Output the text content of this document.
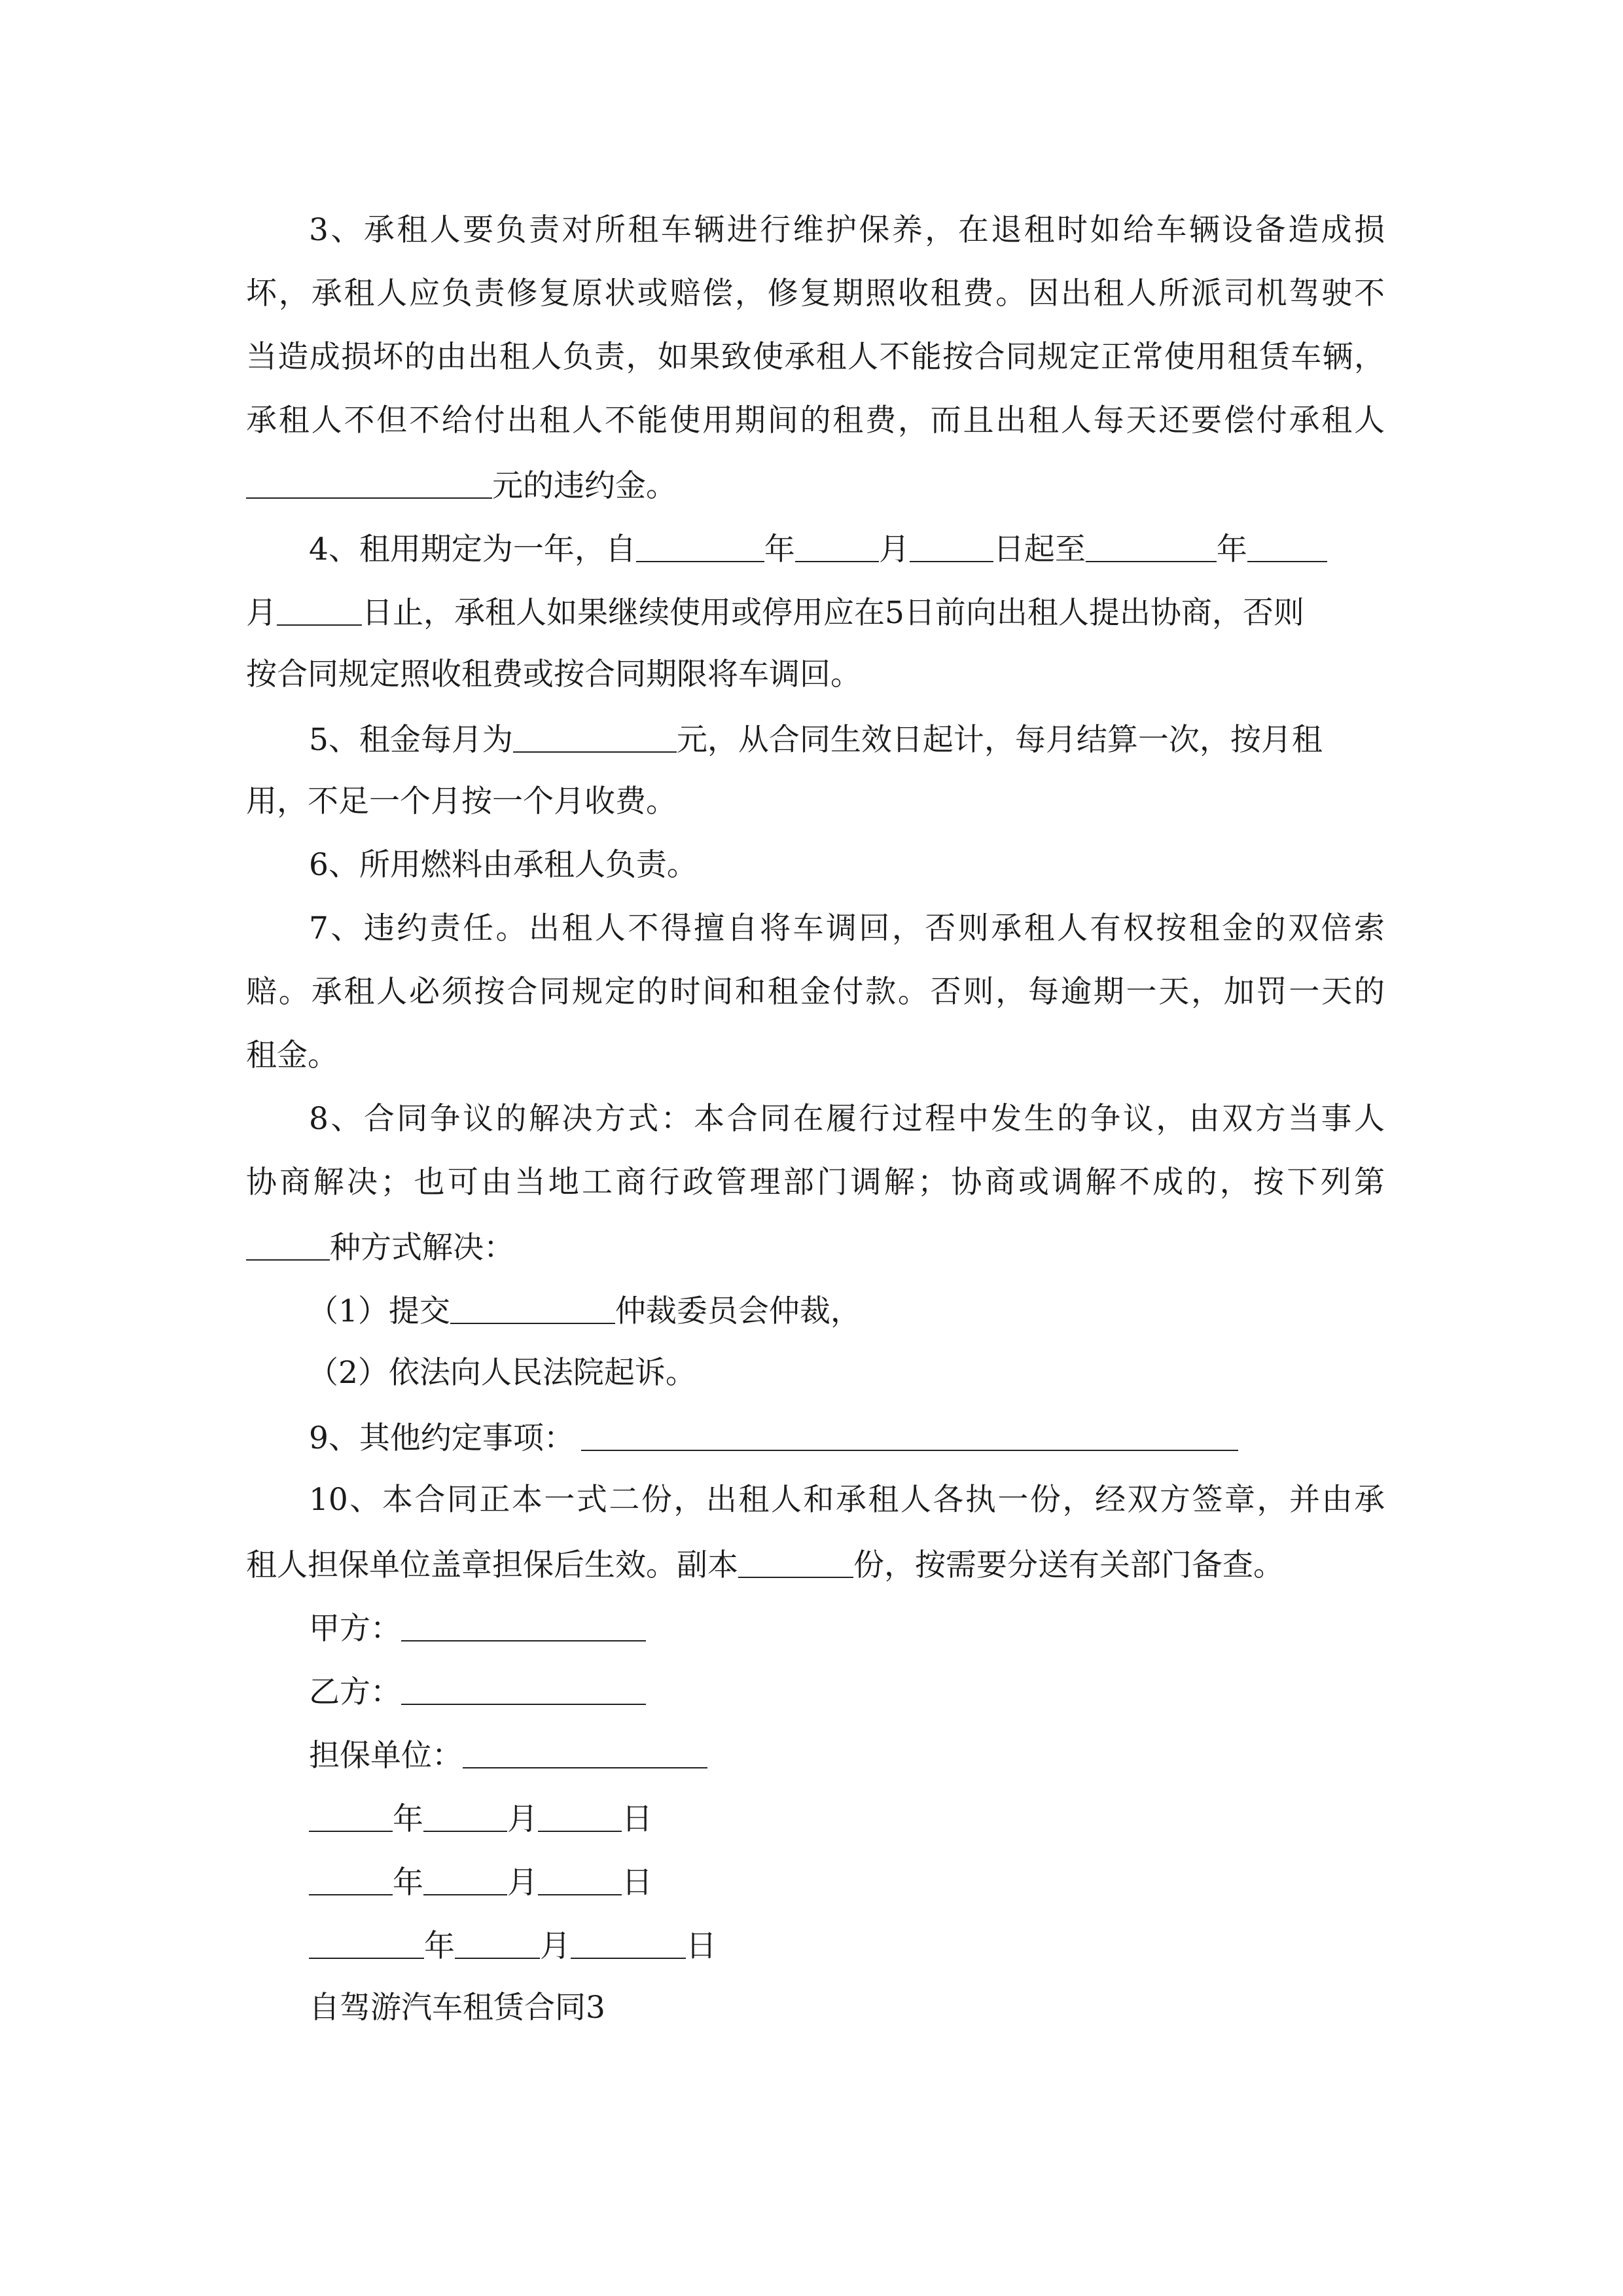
3、承租人要负责对所租车辆进行维护保养，在退租时如给车辆设备造成损
坏，承租人应负责修复原状或赔偿，修复期照收租费。因出租人所派司机驾驶不
当造成损坏的由出租人负责，如果致使承租人不能按合同规定正常使用租赁车辆，
承租人不但不给付出租人不能使用期间的租费，而且出租人每天还要偿付承租人
元的违约金。
4、租用期定为一年，自	年	月	日起至	年
月	日止，承租人如果继续使用或停用应在5日前向出租人提出协商，否则
按合同规定照收租费或按合同期限将车调回。
5、租金每月为	元，从合同生效日起计，每月结算一次，按月租
用，不足一个月按一个月收费。
6、所用燃料由承租人负责。
7、违约责任。出租人不得擅自将车调回，否则承租人有权按租金的双倍索
赔。承租人必须按合同规定的时间和租金付款。否则，每逾期一天，加罚一天的
租金。
8、合同争议的解决方式：本合同在履行过程中发生的争议，由双方当事人
协商解决；也可由当地工商行政管理部门调解；协商或调解不成的，按下列第
种方式解决：
（1）提交	仲裁委员会仲裁，
（2）依法向人民法院起诉。
9、其他约定事项：
10、本合同正本一式二份，出租人和承租人各执一份，经双方签章，并由承
租人担保单位盖章担保后生效。副本	份，按需要分送有关部门备查。
甲方：
乙方：
担保单位：
年	月	日
年	月	日
年	月	日
自驾游汽车租赁合同3
